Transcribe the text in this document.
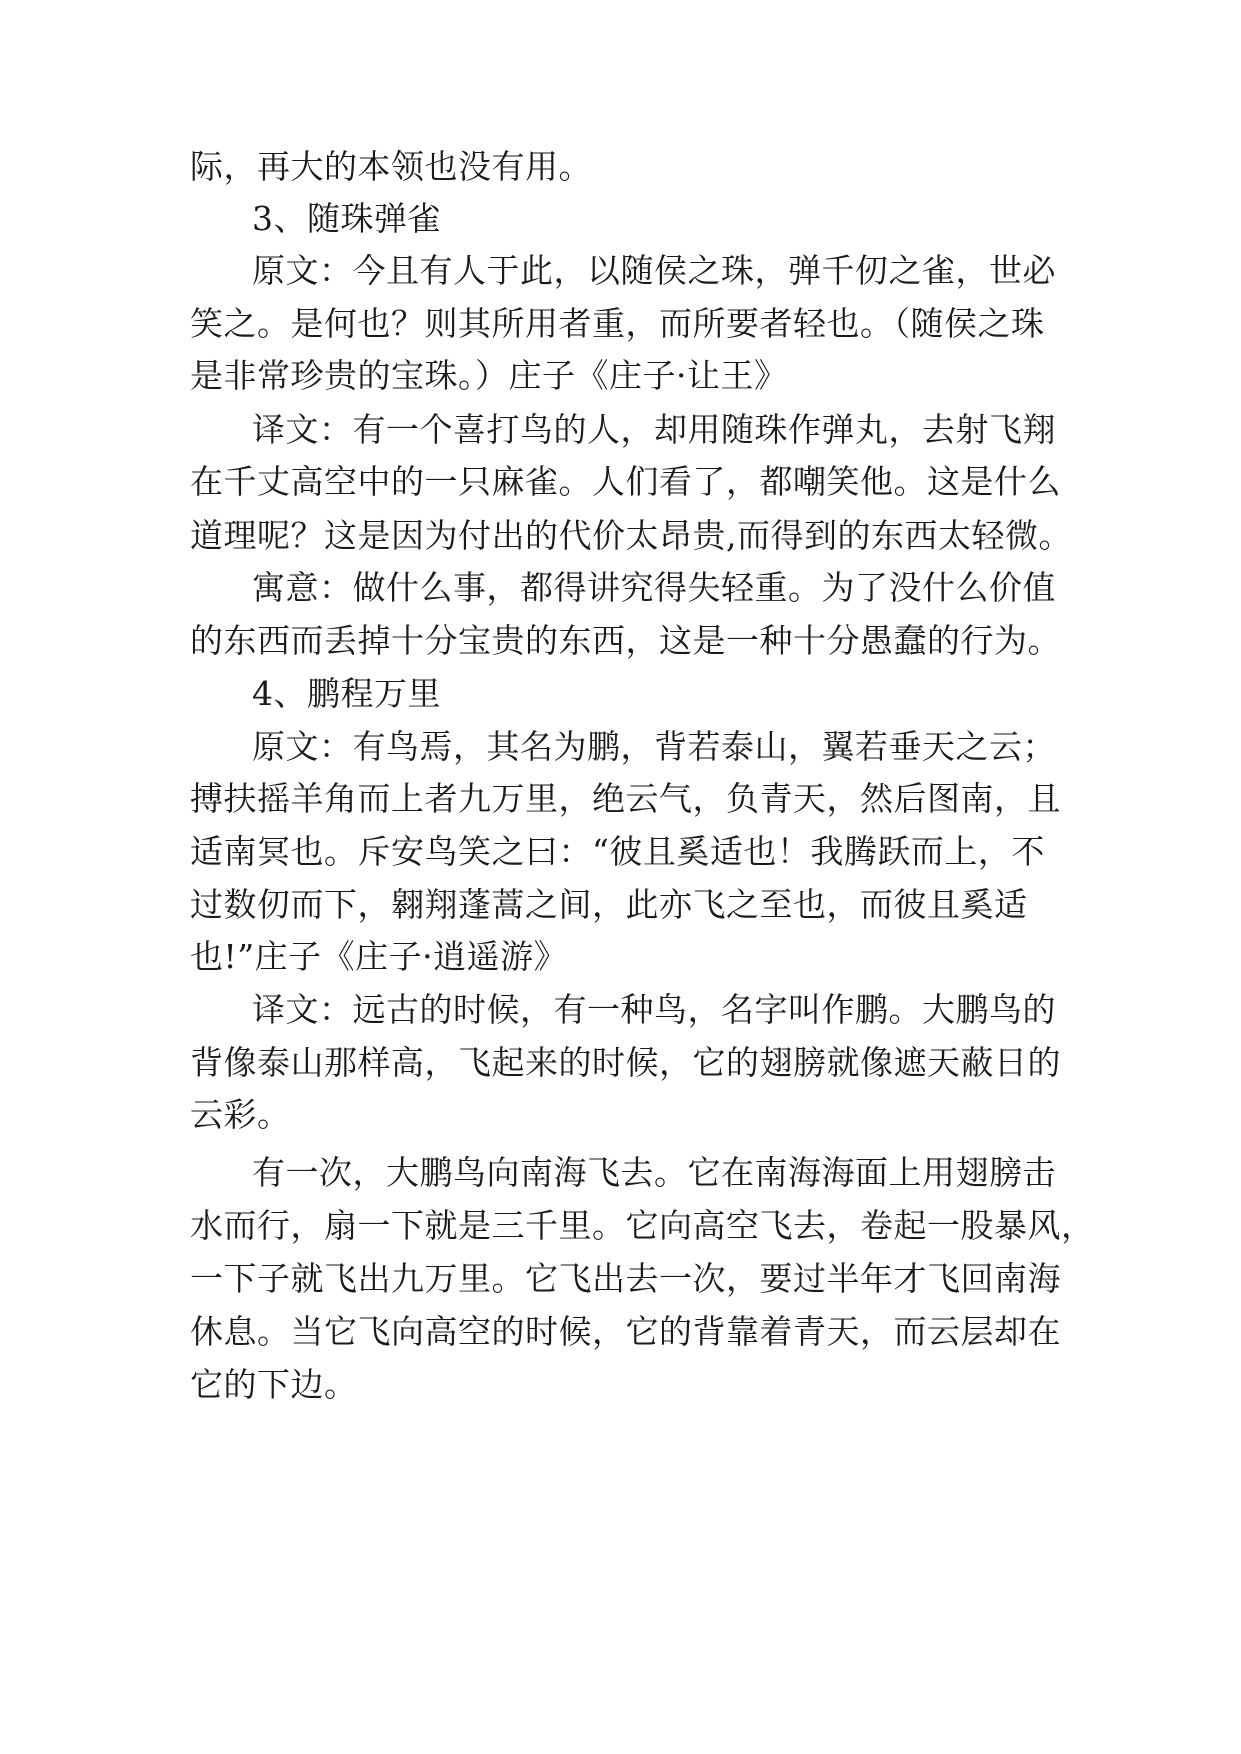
际，再大的本领也没有用。
3、随珠弹雀
原文：今且有人于此，以随侯之珠，弹千仞之雀，世必
笑之。是何也？则其所用者重，而所要者轻也。（随侯之珠
是非常珍贵的宝珠。）庄子《庄子·让王》
译文：有一个喜打鸟的人，却用随珠作弹丸，去射飞翔
在千丈高空中的一只麻雀。人们看了，都嘲笑他。这是什么
道理呢？这是因为付出的代价太昂贵,而得到的东西太轻微。
寓意：做什么事，都得讲究得失轻重。为了没什么价值
的东西而丢掉十分宝贵的东西，这是一种十分愚蠢的行为。
4、鹏程万里
原文：有鸟焉，其名为鹏，背若泰山，翼若垂天之云；
搏扶摇羊角而上者九万里，绝云气，负青天，然后图南，且
适南冥也。斥安鸟笑之曰：“彼且奚适也！我腾跃而上，不
过数仞而下，翱翔蓬蒿之间，此亦飞之至也，而彼且奚适
也!”庄子《庄子·逍遥游》
译文：远古的时候，有一种鸟，名字叫作鹏。大鹏鸟的
背像泰山那样高，飞起来的时候，它的翅膀就像遮天蔽日的
云彩。
有一次，大鹏鸟向南海飞去。它在南海海面上用翅膀击
水而行，扇一下就是三千里。它向高空飞去，卷起一股暴风，
一下子就飞出九万里。它飞出去一次，要过半年才飞回南海
休息。当它飞向高空的时候，它的背靠着青天，而云层却在
它的下边。
